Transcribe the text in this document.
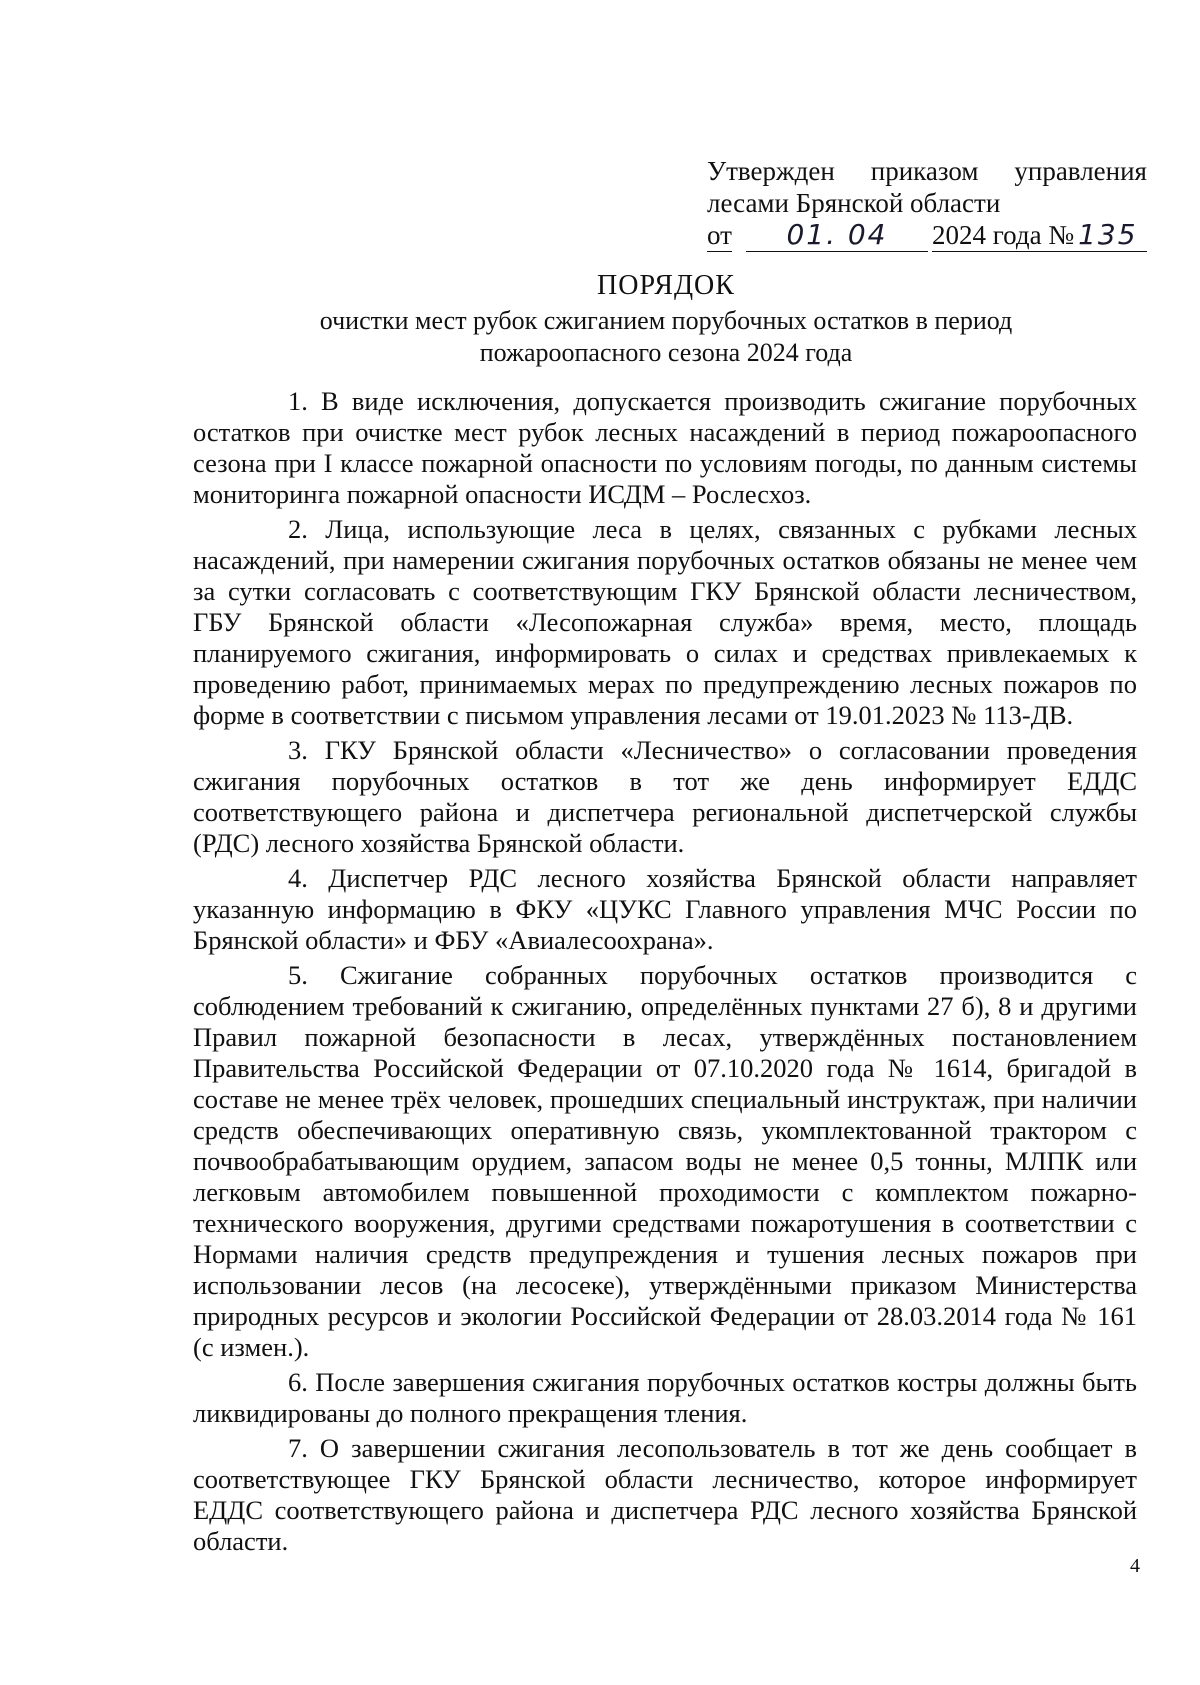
Утвержден приказом управления
лесами Брянской области
от	01. 04	2024 года № 135
ПОРЯДОК
очистки мест рубок сжиганием порубочных остатков в период
пожароопасного сезона 2024 года

1. В виде исключения, допускается производить сжигание порубочных остатков при очистке мест рубок лесных насаждений в период пожароопасного сезона при I классе пожарной опасности по условиям погоды, по данным системы мониторинга пожарной опасности ИСДМ – Рослесхоз.

2. Лица, использующие леса в целях, связанных с рубками лесных насаждений, при намерении сжигания порубочных остатков обязаны не менее чем за сутки согласовать с соответствующим ГКУ Брянской области лесничеством, ГБУ Брянской области «Лесопожарная служба» время, место, площадь планируемого сжигания, информировать о силах и средствах привлекаемых к проведению работ, принимаемых мерах по предупреждению лесных пожаров по форме в соответствии с письмом управления лесами от 19.01.2023 № 113-ДВ.

3. ГКУ Брянской области «Лесничество» о согласовании проведения сжигания порубочных остатков в тот же день информирует ЕДДС соответствующего района и диспетчера региональной диспетчерской службы (РДС) лесного хозяйства Брянской области.

4. Диспетчер РДС лесного хозяйства Брянской области направляет указанную информацию в ФКУ «ЦУКС Главного управления МЧС России по Брянской области» и ФБУ «Авиалесоохрана».

5. Сжигание собранных порубочных остатков производится с соблюдением требований к сжиганию, определённых пунктами 27 б), 8 и другими Правил пожарной безопасности в лесах, утверждённых постановлением Правительства Российской Федерации от 07.10.2020 года № 1614, бригадой в составе не менее трёх человек, прошедших специальный инструктаж, при наличии средств обеспечивающих оперативную связь, укомплектованной трактором с почвообрабатывающим орудием, запасом воды не менее 0,5 тонны, МЛПК или легковым автомобилем повышенной проходимости с комплектом пожарно-технического вооружения, другими средствами пожаротушения в соответствии с Нормами наличия средств предупреждения и тушения лесных пожаров при использовании лесов (на лесосеке), утверждёнными приказом Министерства природных ресурсов и экологии Российской Федерации от 28.03.2014 года № 161 (с измен.).

6. После завершения сжигания порубочных остатков костры должны быть ликвидированы до полного прекращения тления.

7. О завершении сжигания лесопользователь в тот же день сообщает в соответствующее ГКУ Брянской области лесничество, которое информирует ЕДДС соответствующего района и диспетчера РДС лесного хозяйства Брянской области.

4
